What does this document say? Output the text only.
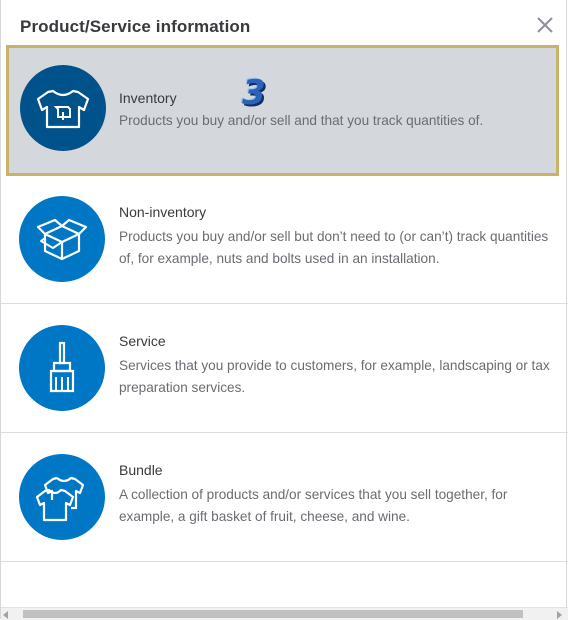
Product/Service information
Inventory
Products you buy and/or sell and that you track quantities of.
Non-inventory
Products you buy and/or sell but don’t need to (or can’t) track quantities of, for example, nuts and bolts used in an installation.
Service
Services that you provide to customers, for example, landscaping or tax preparation services.
Bundle
A collection of products and/or services that you sell together, for example, a gift basket of fruit, cheese, and wine.
3
